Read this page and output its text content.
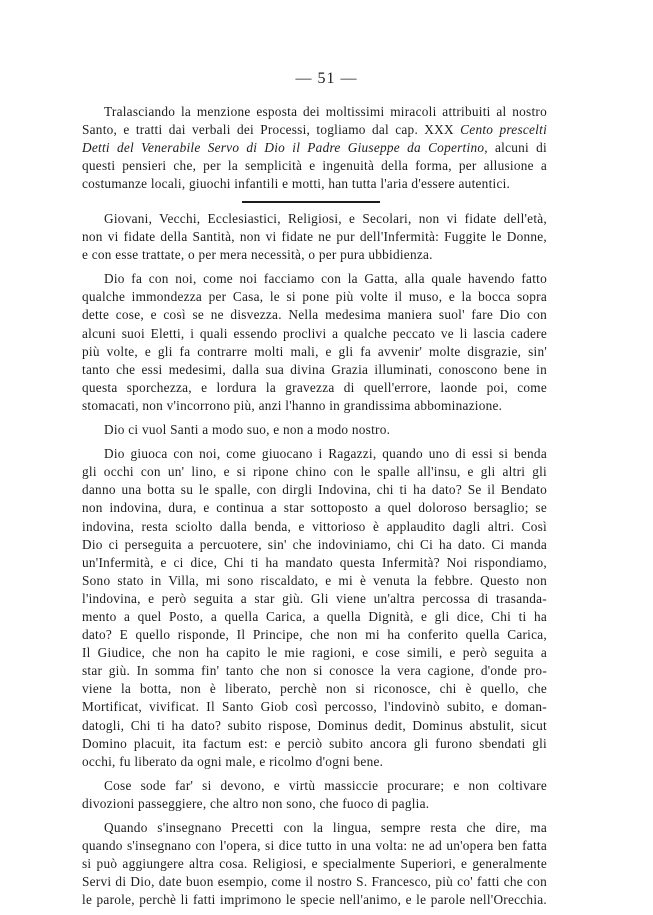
— 51 —

Tralasciando la menzione esposta dei moltissimi miracoli attribuiti al nostro
Santo, e tratti dai verbali dei Processi, togliamo dal cap. XXX Cento prescelti
Detti del Venerabile Servo di Dio il Padre Giuseppe da Copertino, alcuni di
questi pensieri che, per la semplicità e ingenuità della forma, per allusione a
costumanze locali, giuochi infantili e motti, han tutta l'aria d'essere autentici.

Giovani, Vecchi, Ecclesiastici, Religiosi, e Secolari, non vi fidate dell'età,
non vi fidate della Santità, non vi fidate ne pur dell'Infermità: Fuggite le Donne,
e con esse trattate, o per mera necessità, o per pura ubbidienza.

Dio fa con noi, come noi facciamo con la Gatta, alla quale havendo fatto
qualche immondezza per Casa, le si pone più volte il muso, e la bocca sopra
dette cose, e così se ne disvezza. Nella medesima maniera suol' fare Dio con
alcuni suoi Eletti, i quali essendo proclivi a qualche peccato ve li lascia cadere
più volte, e gli fa contrarre molti mali, e gli fa avvenir' molte disgrazie, sin'
tanto che essi medesimi, dalla sua divina Grazia illuminati, conoscono bene in
questa sporchezza, e lordura la gravezza di quell'errore, laonde poi, come
stomacati, non v'incorrono più, anzi l'hanno in grandissima abbominazione.

Dio ci vuol Santi a modo suo, e non a modo nostro.

Dio giuoca con noi, come giuocano i Ragazzi, quando uno di essi si benda
gli occhi con un' lino, e si ripone chino con le spalle all'insu, e gli altri gli
danno una botta su le spalle, con dirgli Indovina, chi ti ha dato? Se il Bendato
non indovina, dura, e continua a star sottoposto a quel doloroso bersaglio; se
indovina, resta sciolto dalla benda, e vittorioso è applaudito dagli altri. Così
Dio ci perseguita a percuotere, sin' che indoviniamo, chi Ci ha dato. Ci manda
un'Infermità, e ci dice, Chi ti ha mandato questa Infermità? Noi rispondiamo,
Sono stato in Villa, mi sono riscaldato, e mi è venuta la febbre. Questo non
l'indovina, e però seguita a star giù. Gli viene un'altra percossa di trasanda-
mento a quel Posto, a quella Carica, a quella Dignità, e gli dice, Chi ti ha
dato? E quello risponde, Il Principe, che non mi ha conferito quella Carica,
Il Giudice, che non ha capito le mie ragioni, e cose simili, e però seguita a
star giù. In somma fin' tanto che non si conosce la vera cagione, d'onde pro-
viene la botta, non è liberato, perchè non si riconosce, chi è quello, che
Mortificat, vivificat. Il Santo Giob così percosso, l'indovinò subito, e doman-
datogli, Chi ti ha dato? subito rispose, Dominus dedit, Dominus abstulit, sicut
Domino placuit, ita factum est: e perciò subito ancora gli furono sbendati gli
occhi, fu liberato da ogni male, e ricolmo d'ogni bene.

Cose sode far' si devono, e virtù massiccie procurare; e non coltivare
divozioni passeggiere, che altro non sono, che fuoco di paglia.

Quando s'insegnano Precetti con la lingua, sempre resta che dire, ma
quando s'insegnano con l'opera, si dice tutto in una volta: ne ad un'opera ben fatta
si può aggiungere altra cosa. Religiosi, e specialmente Superiori, e generalmente
Servi di Dio, date buon esempio, come il nostro S. Francesco, più co' fatti che con
le parole, perchè li fatti imprimono le specie nell'animo, e le parole nell'Orecchia.
